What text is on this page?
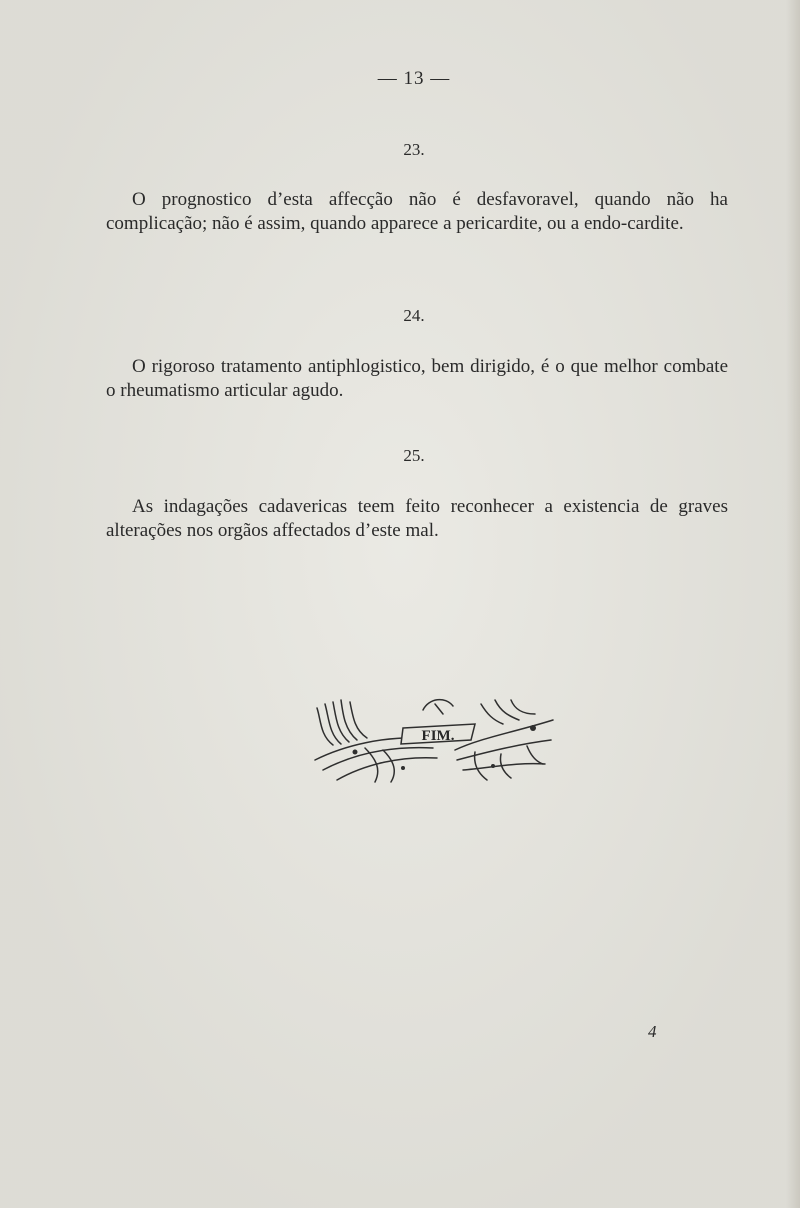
— 13 —
23.

O prognostico d’esta affecção não é desfavoravel, quando não ha complicação; não é assim, quando apparece a pericardite, ou a endo-cardite.

24.

O rigoroso tratamento antiphlogistico, bem dirigido, é o que melhor combate o rheumatismo articular agudo.

25.

As indagações cadavericas teem feito reconhecer a existencia de graves alterações nos orgãos affectados d’este mal.

FIM.
4
